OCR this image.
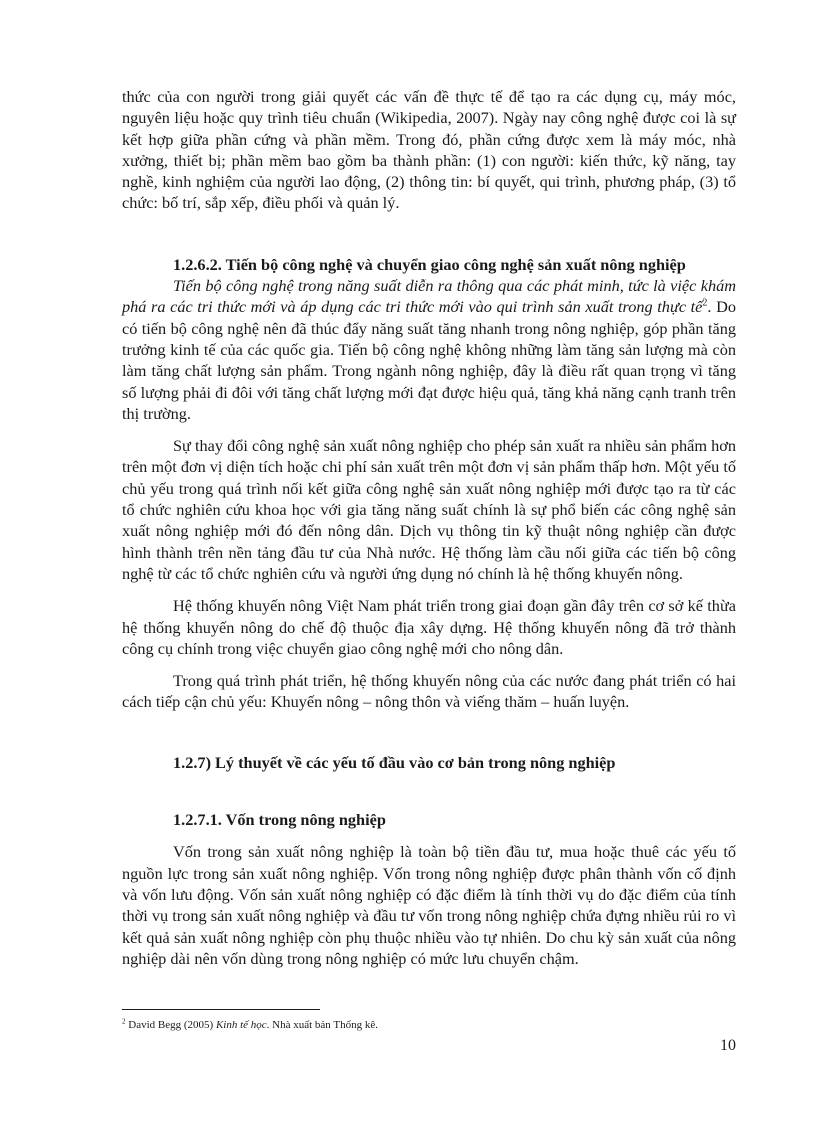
thức của con người trong giải quyết các vấn đề thực tế để tạo ra các dụng cụ, máy móc, nguyên liệu hoặc quy trình tiêu chuẩn (Wikipedia, 2007). Ngày nay công nghệ được coi là sự kết hợp giữa phần cứng và phần mềm. Trong đó, phần cứng được xem là máy móc, nhà xưởng, thiết bị; phần mềm bao gồm ba thành phần: (1) con người: kiến thức, kỹ năng, tay nghề, kinh nghiệm của người lao động, (2) thông tin: bí quyết, qui trình, phương pháp, (3) tổ chức: bố trí, sắp xếp, điều phối và quản lý.

1.2.6.2. Tiến bộ công nghệ và chuyển giao công nghệ sản xuất nông nghiệp

Tiến bộ công nghệ trong năng suất diễn ra thông qua các phát minh, tức là việc khám phá ra các tri thức mới và áp dụng các tri thức mới vào qui trình sản xuất trong thực tế$^2$. Do có tiến bộ công nghệ nên đã thúc đẩy năng suất tăng nhanh trong nông nghiệp, góp phần tăng trưởng kinh tế của các quốc gia. Tiến bộ công nghệ không những làm tăng sản lượng mà còn làm tăng chất lượng sản phẩm. Trong ngành nông nghiệp, đây là điều rất quan trọng vì tăng số lượng phải đi đôi với tăng chất lượng mới đạt được hiệu quả, tăng khả năng cạnh tranh trên thị trường.

Sự thay đổi công nghệ sản xuất nông nghiệp cho phép sản xuất ra nhiều sản phẩm hơn trên một đơn vị diện tích hoặc chi phí sản xuất trên một đơn vị sản phẩm thấp hơn. Một yếu tố chủ yếu trong quá trình nối kết giữa công nghệ sản xuất nông nghiệp mới được tạo ra từ các tổ chức nghiên cứu khoa học với gia tăng năng suất chính là sự phổ biến các công nghệ sản xuất nông nghiệp mới đó đến nông dân. Dịch vụ thông tin kỹ thuật nông nghiệp cần được hình thành trên nền tảng đầu tư của Nhà nước. Hệ thống làm cầu nối giữa các tiến bộ công nghệ từ các tổ chức nghiên cứu và người ứng dụng nó chính là hệ thống khuyến nông.

Hệ thống khuyến nông Việt Nam phát triển trong giai đoạn gần đây trên cơ sở kế thừa hệ thống khuyến nông do chế độ thuộc địa xây dựng. Hệ thống khuyến nông đã trở thành công cụ chính trong việc chuyển giao công nghệ mới cho nông dân.

Trong quá trình phát triển, hệ thống khuyến nông của các nước đang phát triển có hai cách tiếp cận chủ yếu: Khuyến nông – nông thôn và viếng thăm – huấn luyện.

1.2.7) Lý thuyết về các yếu tố đầu vào cơ bản trong nông nghiệp

1.2.7.1. Vốn trong nông nghiệp

Vốn trong sản xuất nông nghiệp là toàn bộ tiền đầu tư, mua hoặc thuê các yếu tố nguồn lực trong sản xuất nông nghiệp. Vốn trong nông nghiệp được phân thành vốn cố định và vốn lưu động. Vốn sản xuất nông nghiệp có đặc điểm là tính thời vụ do đặc điểm của tính thời vụ trong sản xuất nông nghiệp và đầu tư vốn trong nông nghiệp chứa đựng nhiều rủi ro vì kết quả sản xuất nông nghiệp còn phụ thuộc nhiều vào tự nhiên. Do chu kỳ sản xuất của nông nghiệp dài nên vốn dùng trong nông nghiệp có mức lưu chuyển chậm.

$^2$ David Begg (2005) Kinh tế học. Nhà xuất bản Thống kê.
10
